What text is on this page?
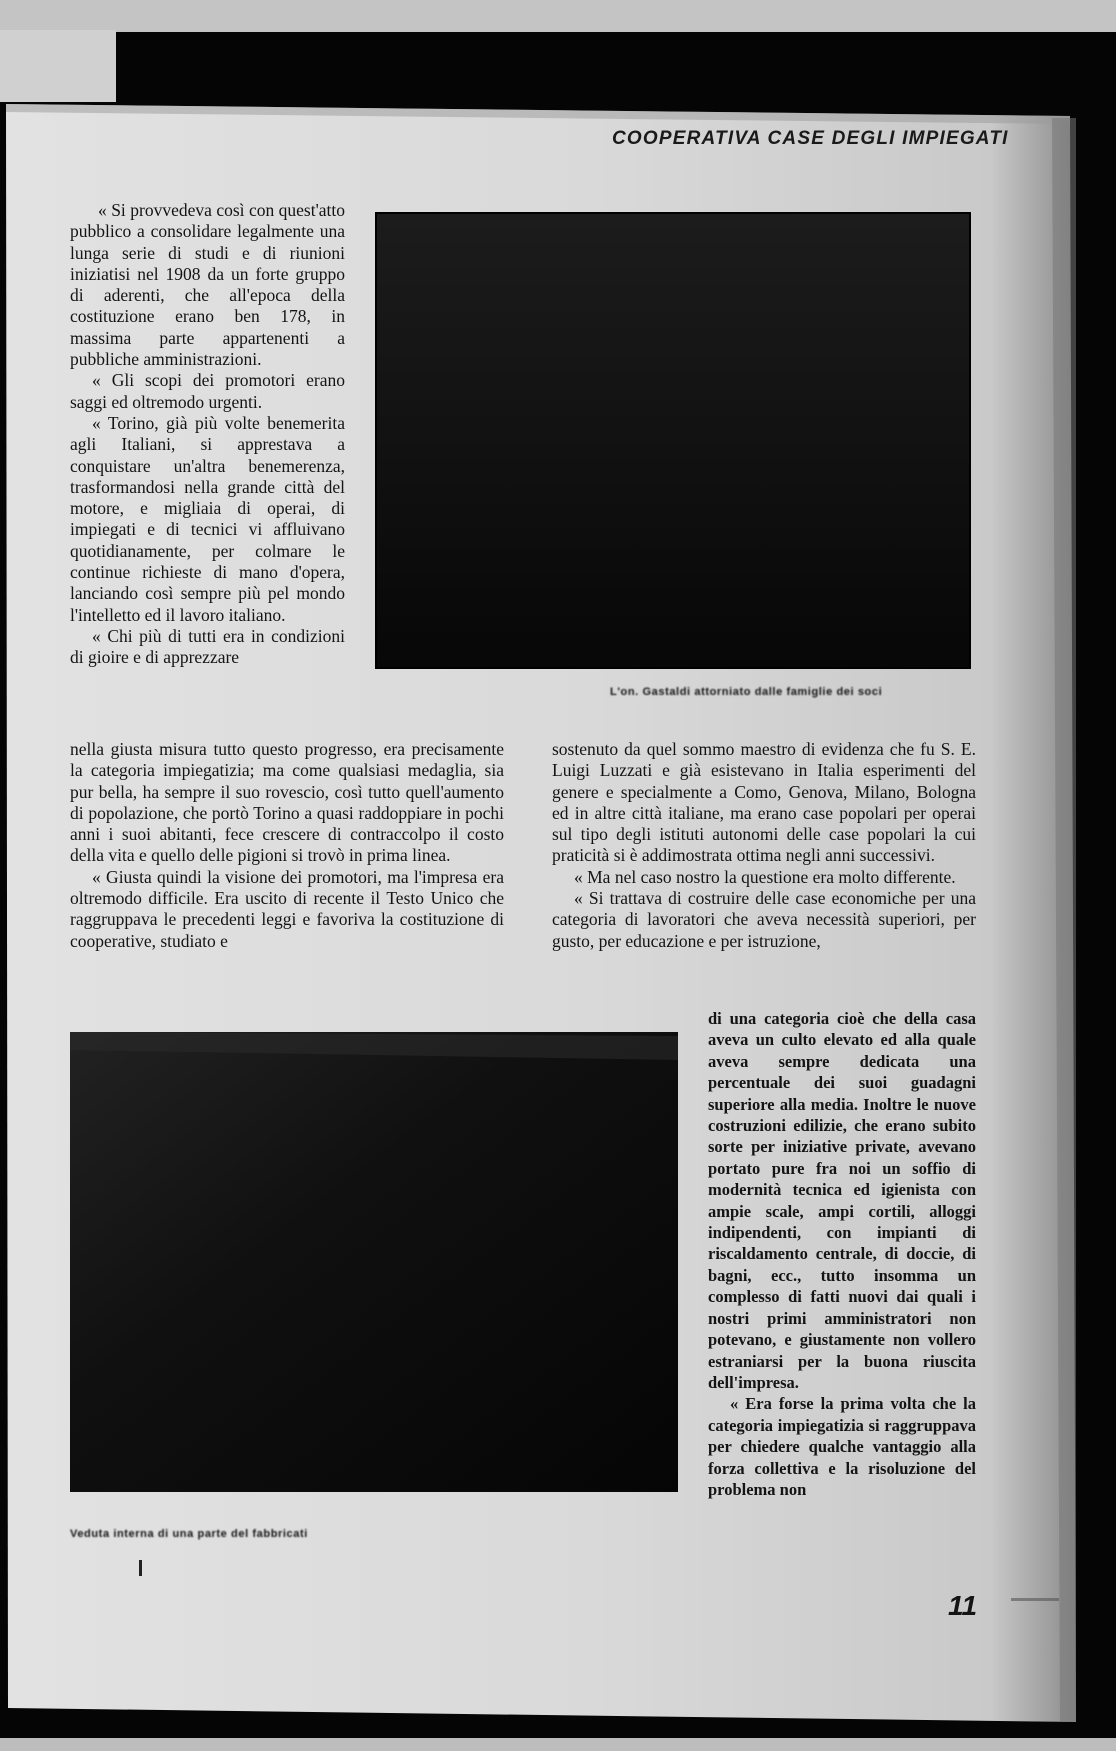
COOPERATIVA CASE DEGLI IMPIEGATI

« Si provvedeva così con quest'atto pubblico a consolidare legalmente una lunga serie di studi e di riunioni iniziatisi nel 1908 da un forte gruppo di aderenti, che all'epoca della costituzione erano ben 178, in massima parte appartenenti a pubbliche amministrazioni.
« Gli scopi dei promotori erano saggi ed oltremodo urgenti.
« Torino, già più volte benemerita agli Italiani, si apprestava a conquistare un'altra benemerenza, trasformandosi nella grande città del motore, e migliaia di operai, di impiegati e di tecnici vi affluivano quotidianamente, per colmare le continue richieste di mano d'opera, lanciando così sempre più pel mondo l'intelletto ed il lavoro italiano.
« Chi più di tutti era in condizioni di gioire e di apprezzare

L'on. Gastaldi attorniato dalle famiglie dei soci

nella giusta misura tutto questo progresso, era precisamente la categoria impiegatizia; ma come qualsiasi medaglia, sia pur bella, ha sempre il suo rovescio, così tutto quell'aumento di popolazione, che portò Torino a quasi raddoppiare in pochi anni i suoi abitanti, fece crescere di contraccolpo il costo della vita e quello delle pigioni si trovò in prima linea.
« Giusta quindi la visione dei promotori, ma l'impresa era oltremodo difficile. Era uscito di recente il Testo Unico che raggruppava le precedenti leggi e favoriva la costituzione di cooperative, studiato e
sostenuto da quel sommo maestro di evidenza che fu S. E. Luigi Luzzati e già esistevano in Italia esperimenti del genere e specialmente a Como, Genova, Milano, Bologna ed in altre città italiane, ma erano case popolari per operai sul tipo degli istituti autonomi delle case popolari la cui praticità si è addimostrata ottima negli anni successivi.
« Ma nel caso nostro la questione era molto differente.
« Si trattava di costruire delle case economiche per una categoria di lavoratori che aveva necessità superiori, per gusto, per educazione e per istruzione,
di una categoria cioè che della casa aveva un culto elevato ed alla quale aveva sempre dedicata una percentuale dei suoi guadagni superiore alla media. Inoltre le nuove costruzioni edilizie, che erano subito sorte per iniziative private, avevano portato pure fra noi un soffio di modernità tecnica ed igienista con ampie scale, ampi cortili, alloggi indipendenti, con impianti di riscaldamento centrale, di doccie, di bagni, ecc., tutto insomma un complesso di fatti nuovi dai quali i nostri primi amministratori non potevano, e giustamente non vollero estraniarsi per la buona riuscita dell'impresa.
« Era forse la prima volta che la categoria impiegatizia si raggruppava per chiedere qualche vantaggio alla forza collettiva e la risoluzione del problema non

Veduta interna di una parte del fabbricati

11
